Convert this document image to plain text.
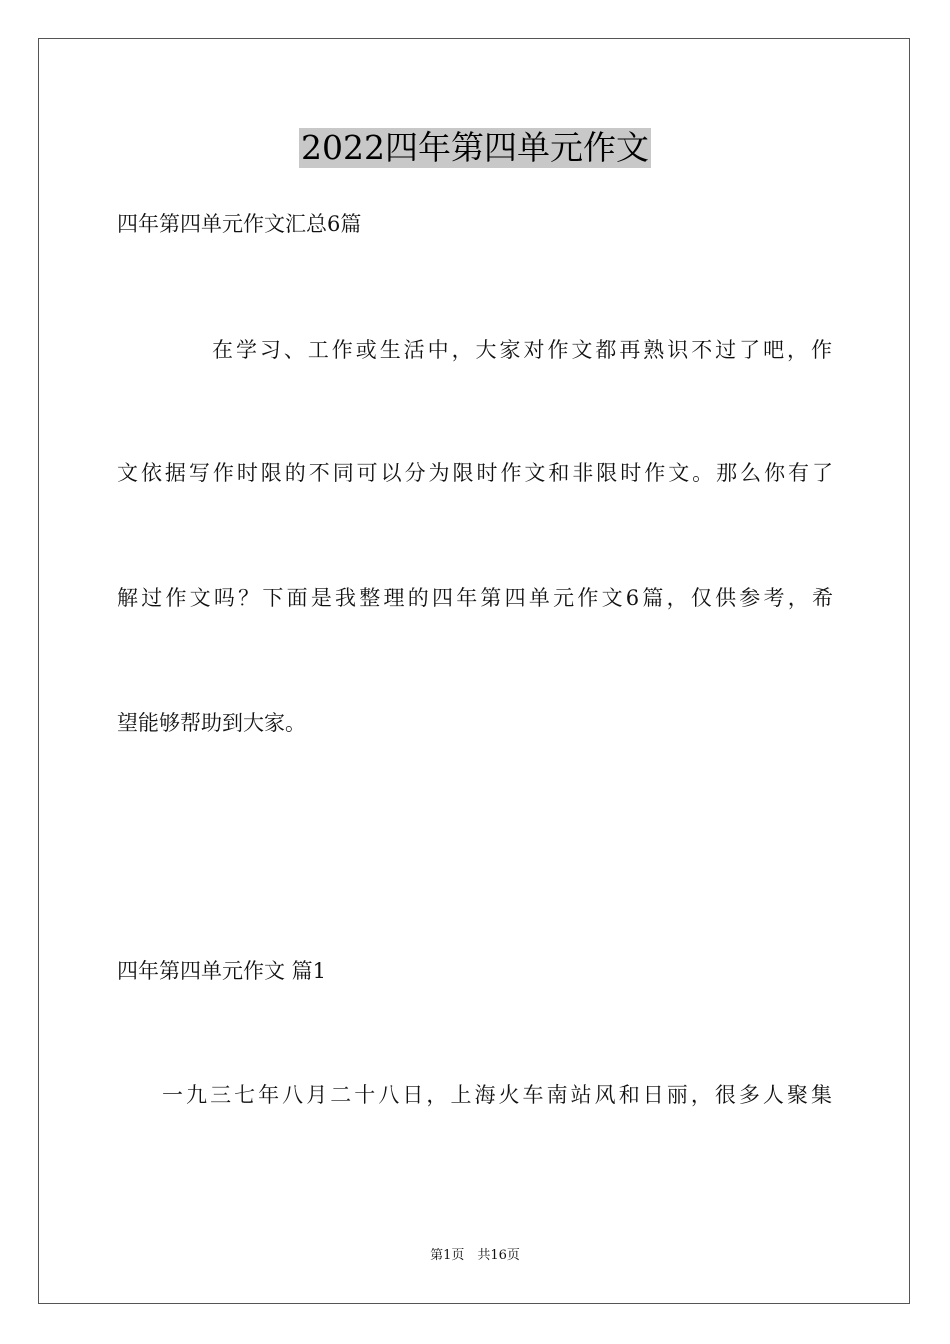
2022四年第四单元作文
四年第四单元作文汇总6篇
在学习、工作或生活中，大家对作文都再熟识不过了吧，作
文依据写作时限的不同可以分为限时作文和非限时作文。那么你有了
解过作文吗？下面是我整理的四年第四单元作文6篇，仅供参考，希
望能够帮助到大家。
四年第四单元作文 篇1
一九三七年八月二十八日，上海火车南站风和日丽，很多人聚集
第1页　共16页
